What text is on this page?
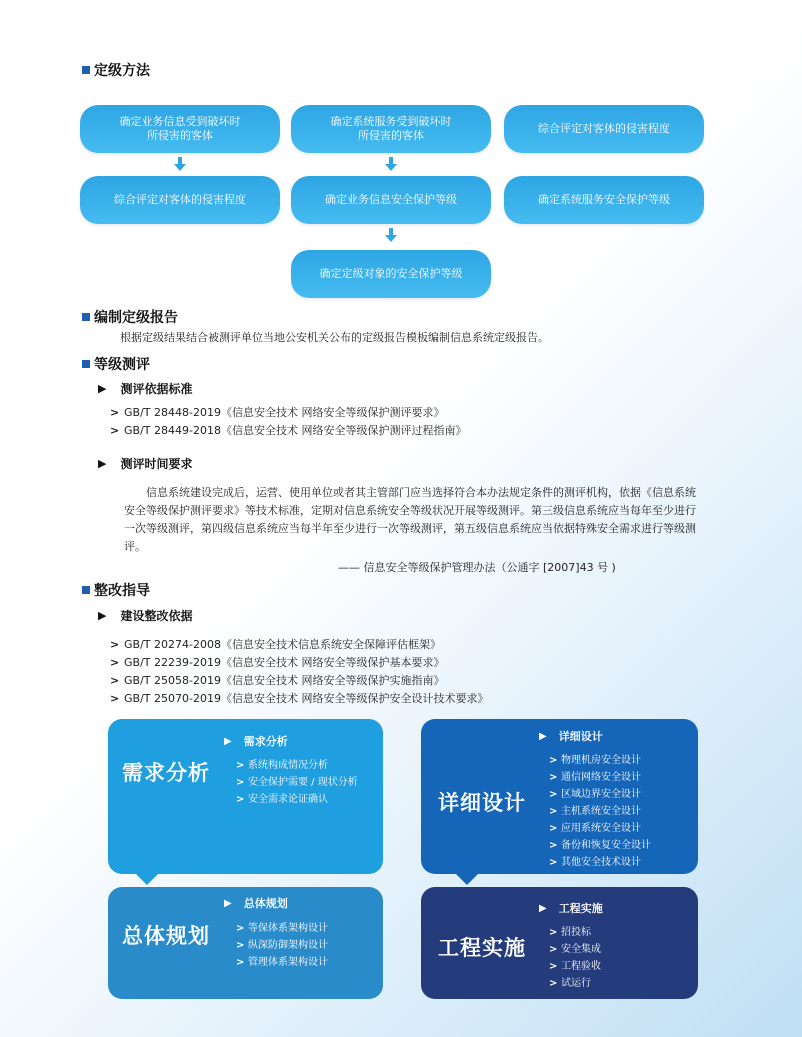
定级方法
确定业务信息受到破坏时
所侵害的客体
确定系统服务受到破坏时
所侵害的客体
综合评定对客体的侵害程度
综合评定对客体的侵害程度	确定业务信息安全保护等级	确定系统服务安全保护等级
确定定级对象的安全保护等级
编制定级报告
根据定级结果结合被测评单位当地公安机关公布的定级报告模板编制信息系统定级报告。
等级测评
▶ 测评依据标准
> GB/T 28448-2019《信息安全技术 网络安全等级保护测评要求》
> GB/T 28449-2018《信息安全技术 网络安全等级保护测评过程指南》
▶ 测评时间要求
信息系统建设完成后，运营、使用单位或者其主管部门应当选择符合本办法规定条件的测评机构，依据《信息系统安全等级保护测评要求》等技术标准，定期对信息系统安全等级状况开展等级测评。第三级信息系统应当每年至少进行一次等级测评，第四级信息系统应当每半年至少进行一次等级测评，第五级信息系统应当依据特殊安全需求进行等级测评。
—— 信息安全等级保护管理办法（公通字 [2007]43 号 )
整改指导
▶ 建设整改依据
> GB/T 20274-2008《信息安全技术信息系统安全保障评估框架》
> GB/T 22239-2019《信息安全技术 网络安全等级保护基本要求》
> GB/T 25058-2019《信息安全技术 网络安全等级保护实施指南》
> GB/T 25070-2019《信息安全技术 网络安全等级保护安全设计技术要求》
需求分析
▶ 需求分析
> 系统构成情况分析
> 安全保护需要 / 现状分析
> 安全需求论证确认	详细设计
▶ 详细设计
> 物理机房安全设计
> 通信网络安全设计
> 区域边界安全设计
> 主机系统安全设计
> 应用系统安全设计
> 备份和恢复安全设计
> 其他安全技术设计
总体规划
▶ 总体规划
> 等保体系架构设计
> 纵深防御架构设计
> 管理体系架构设计
工程实施
▶ 工程实施
> 招投标
> 安全集成
> 工程验收
> 试运行
